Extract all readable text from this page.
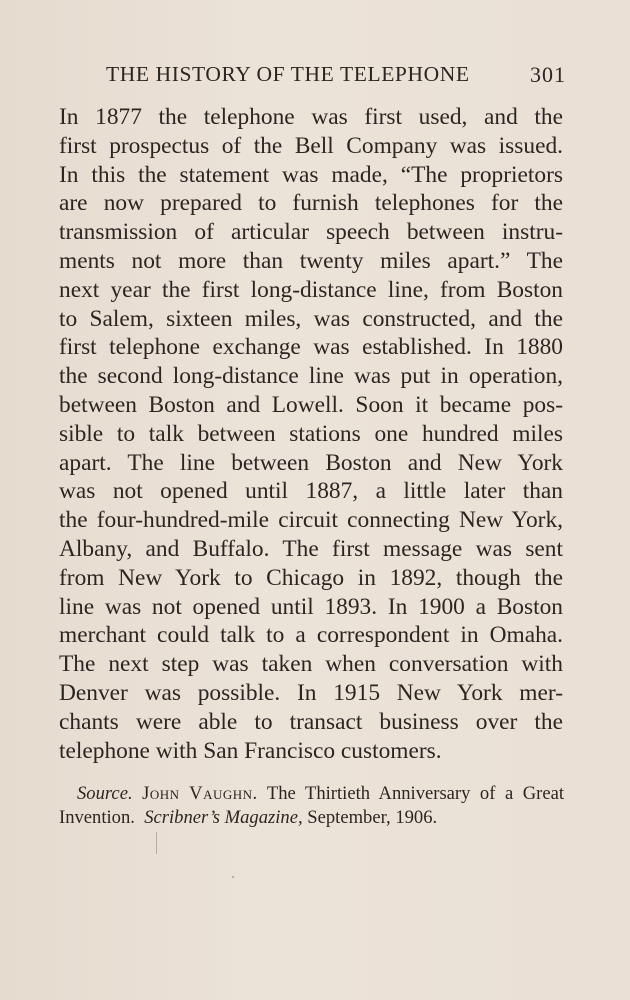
THE HISTORY OF THE TELEPHONE	301
In 1877 the telephone was first used, and the
first prospectus of the Bell Company was issued.
In this the statement was made, “The proprietors
are now prepared to furnish telephones for the
transmission of articular speech between instru-
ments not more than twenty miles apart.” The
next year the first long-distance line, from Boston
to Salem, sixteen miles, was constructed, and the
first telephone exchange was established. In 1880
the second long-distance line was put in operation,
between Boston and Lowell. Soon it became pos-
sible to talk between stations one hundred miles
apart. The line between Boston and New York
was not opened until 1887, a little later than
the four-hundred-mile circuit connecting New York,
Albany, and Buffalo. The first message was sent
from New York to Chicago in 1892, though the
line was not opened until 1893. In 1900 a Boston
merchant could talk to a correspondent in Omaha.
The next step was taken when conversation with
Denver was possible. In 1915 New York mer-
chants were able to transact business over the
telephone with San Francisco customers.
Source. John Vaughn. The Thirtieth Anniversary of a Great
Invention. Scribner’s Magazine, September, 1906.
